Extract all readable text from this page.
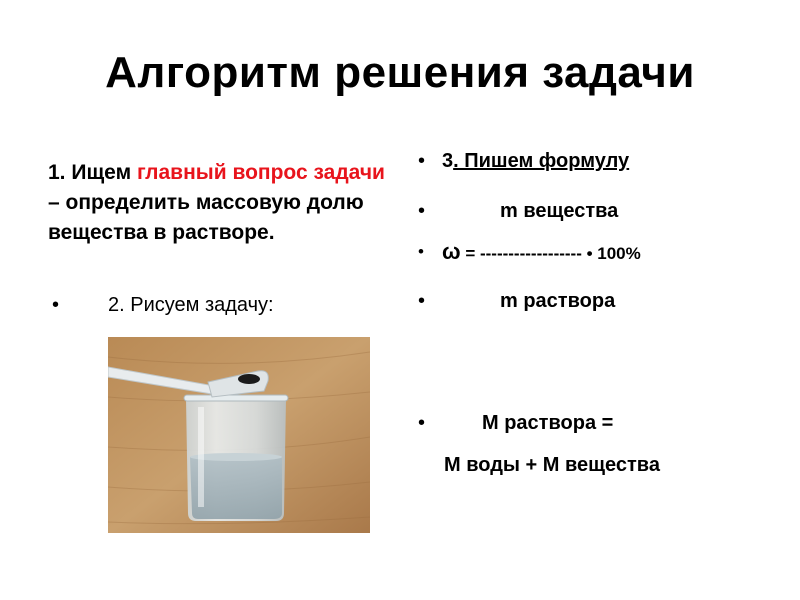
Алгоритм решения задачи
1. Ищем главный вопрос задачи – определить массовую долю вещества в растворе.
• 2. Рисуем задачу:
• 3. Пишем формулу
•	m вещества
• ω = ------------------ • 100%
•	m раствора
•	M раствора =
M воды + M вещества
